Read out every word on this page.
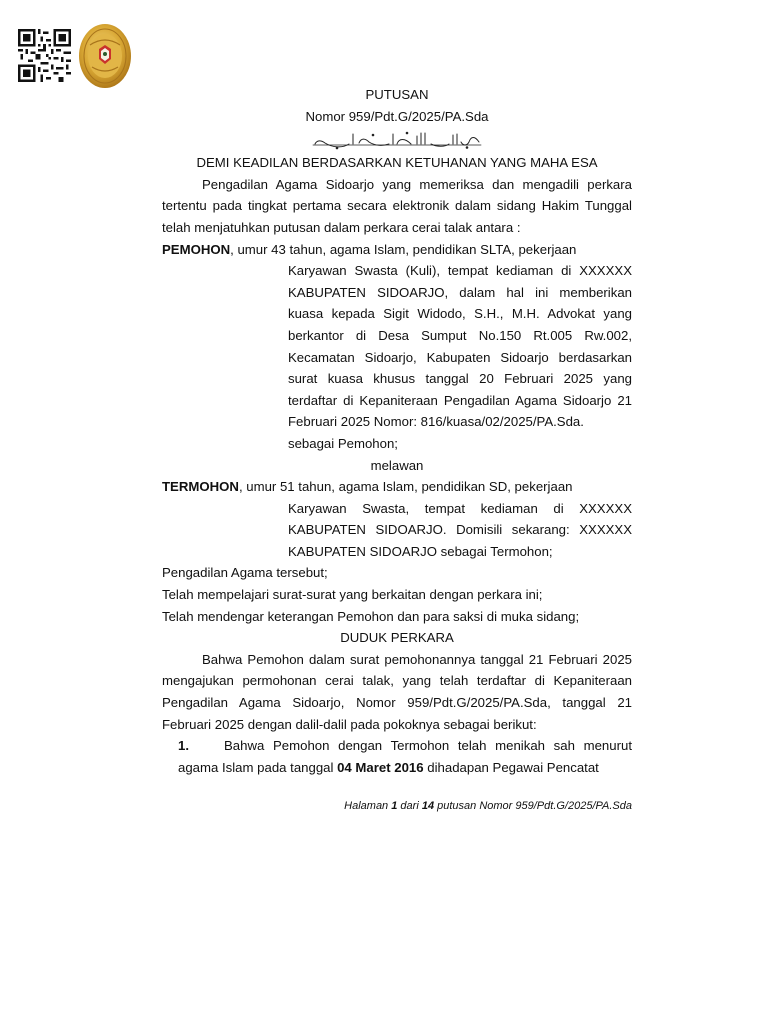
PUTUSAN
Nomor 959/Pdt.G/2025/PA.Sda
DEMI KEADILAN BERDASARKAN KETUHANAN YANG MAHA ESA
Pengadilan Agama Sidoarjo yang memeriksa dan mengadili perkara tertentu pada tingkat pertama secara elektronik dalam sidang Hakim Tunggal telah menjatuhkan putusan dalam perkara cerai talak antara :
PEMOHON, umur 43 tahun, agama Islam, pendidikan SLTA, pekerjaan
Karyawan Swasta (Kuli), tempat kediaman di XXXXXX KABUPATEN SIDOARJO, dalam hal ini memberikan kuasa kepada Sigit Widodo, S.H., M.H. Advokat yang berkantor di Desa Sumput No.150 Rt.005 Rw.002, Kecamatan Sidoarjo, Kabupaten Sidoarjo berdasarkan surat kuasa khusus tanggal 20 Februari 2025 yang terdaftar di Kepaniteraan Pengadilan Agama Sidoarjo 21 Februari 2025 Nomor: 816/kuasa/02/2025/PA.Sda.
sebagai Pemohon;
melawan
TERMOHON, umur 51 tahun, agama Islam, pendidikan SD, pekerjaan
Karyawan Swasta, tempat kediaman di XXXXXX KABUPATEN SIDOARJO. Domisili sekarang: XXXXXX KABUPATEN SIDOARJO sebagai Termohon;
Pengadilan Agama tersebut;
Telah mempelajari surat-surat yang berkaitan dengan perkara ini;
Telah mendengar keterangan Pemohon dan para saksi di muka sidang;
DUDUK PERKARA
Bahwa Pemohon dalam surat pemohonannya tanggal 21 Februari 2025 mengajukan permohonan cerai talak, yang telah terdaftar di Kepaniteraan Pengadilan Agama Sidoarjo, Nomor 959/Pdt.G/2025/PA.Sda, tanggal 21 Februari 2025 dengan dalil-dalil pada pokoknya sebagai berikut:
1.	Bahwa Pemohon dengan Termohon telah menikah sah menurut agama Islam pada tanggal 04 Maret 2016 dihadapan Pegawai Pencatat
Halaman 1 dari 14 putusan Nomor 959/Pdt.G/2025/PA.Sda
